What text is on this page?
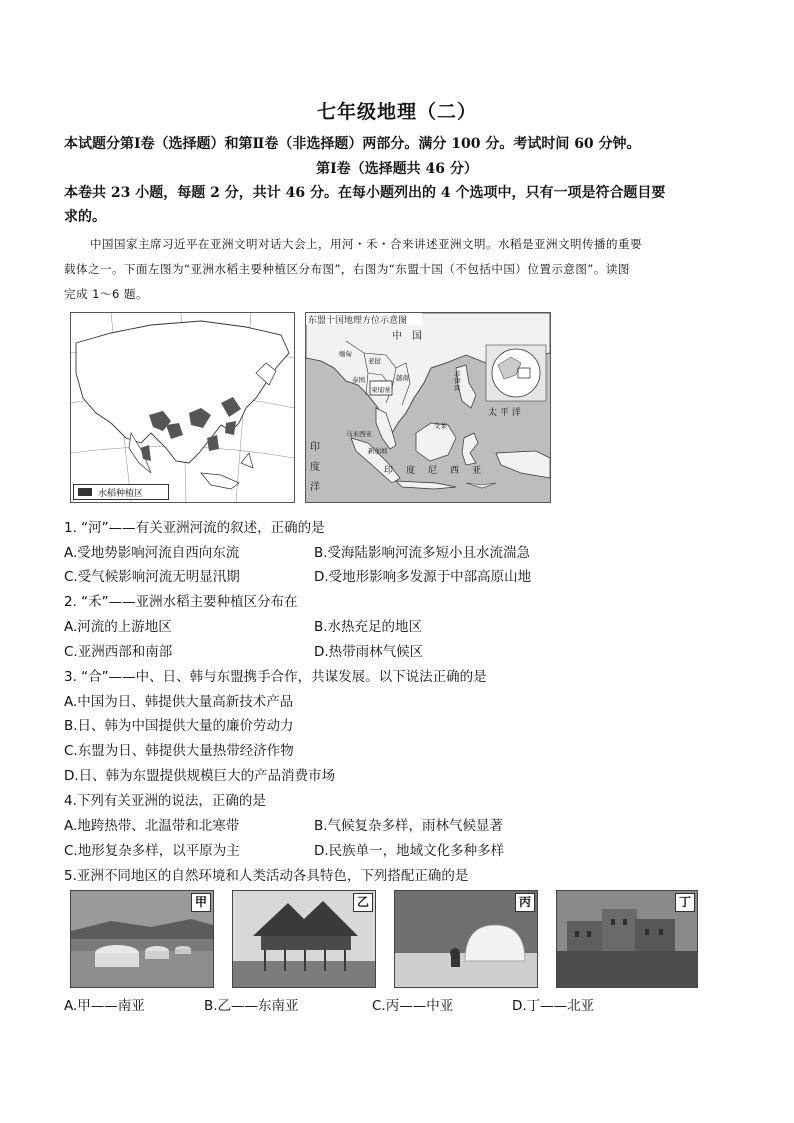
七年级地理（二）
本试题分第Ⅰ卷（选择题）和第Ⅱ卷（非选择题）两部分。满分 100 分。考试时间 60 分钟。
第Ⅰ卷（选择题共 46 分）
本卷共 23 小题，每题 2 分，共计 46 分。在每小题列出的 4 个选项中，只有一项是符合题目要
求的。
中国国家主席习近平在亚洲文明对话大会上，用河・禾・合来讲述亚洲文明。水稻是亚洲文明传播的重要
载体之一。下面左图为“亚洲水稻主要种植区分布图”，右图为“东盟十国（不包括中国）位置示意图”。读图
完成 1～6 题。
水稻种植区
东盟十国地理方位示意图
中　国
缅甸
老挝
泰国	越南
柬埔寨
菲律宾
马来西亚
文莱
新加坡
印　度　尼　西　亚
印
度
洋
太 平 洋
1. “河”——有关亚洲河流的叙述，正确的是
A.受地势影响河流自西向东流	B.受海陆影响河流多短小且水流湍急
C.受气候影响河流无明显汛期	D.受地形影响多发源于中部高原山地
2. “禾”——亚洲水稻主要种植区分布在
A.河流的上游地区	B.水热充足的地区
C.亚洲西部和南部	D.热带雨林气候区
3. “合”——中、日、韩与东盟携手合作，共谋发展。以下说法正确的是
A.中国为日、韩提供大量高新技术产品
B.日、韩为中国提供大量的廉价劳动力
C.东盟为日、韩提供大量热带经济作物
D.日、韩为东盟提供规模巨大的产品消费市场
4.下列有关亚洲的说法，正确的是
A.地跨热带、北温带和北寒带	B.气候复杂多样，雨林气候显著
C.地形复杂多样，以平原为主	D.民族单一，地域文化多种多样
5.亚洲不同地区的自然环境和人类活动各具特色，下列搭配正确的是
甲	乙	丙	丁
A.甲——南亚	B.乙——东南亚	C.丙——中亚	D.丁——北亚
